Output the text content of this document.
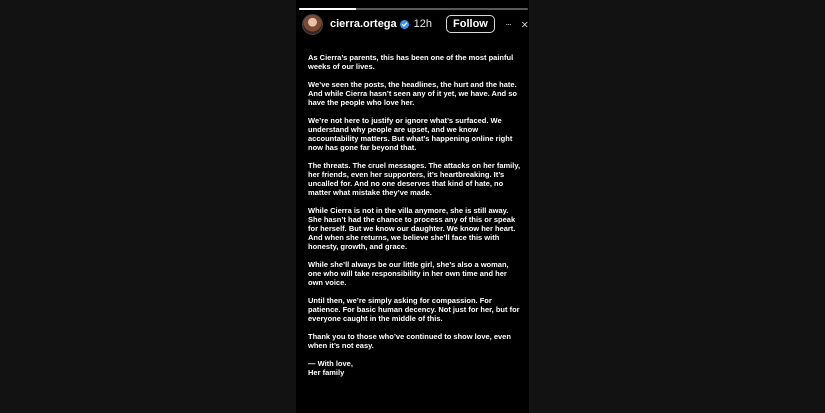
cierra.ortega 12h	Follow

As Cierra’s parents, this has been one of the most painful weeks of our lives.

We’ve seen the posts, the headlines, the hurt and the hate. And while Cierra hasn’t seen any of it yet, we have. And so have the people who love her.

We’re not here to justify or ignore what’s surfaced. We understand why people are upset, and we know accountability matters. But what’s happening online right now has gone far beyond that.

The threats. The cruel messages. The attacks on her family, her friends, even her supporters, it’s heartbreaking. It’s uncalled for. And no one deserves that kind of hate, no matter what mistake they’ve made.

While Cierra is not in the villa anymore, she is still away. She hasn’t had the chance to process any of this or speak for herself. But we know our daughter. We know her heart. And when she returns, we believe she’ll face this with honesty, growth, and grace.

While she’ll always be our little girl, she’s also a woman, one who will take responsibility in her own time and her own voice.

Until then, we’re simply asking for compassion. For patience. For basic human decency. Not just for her, but for everyone caught in the middle of this.

Thank you to those who’ve continued to show love, even when it’s not easy.

— With love,

Her family
